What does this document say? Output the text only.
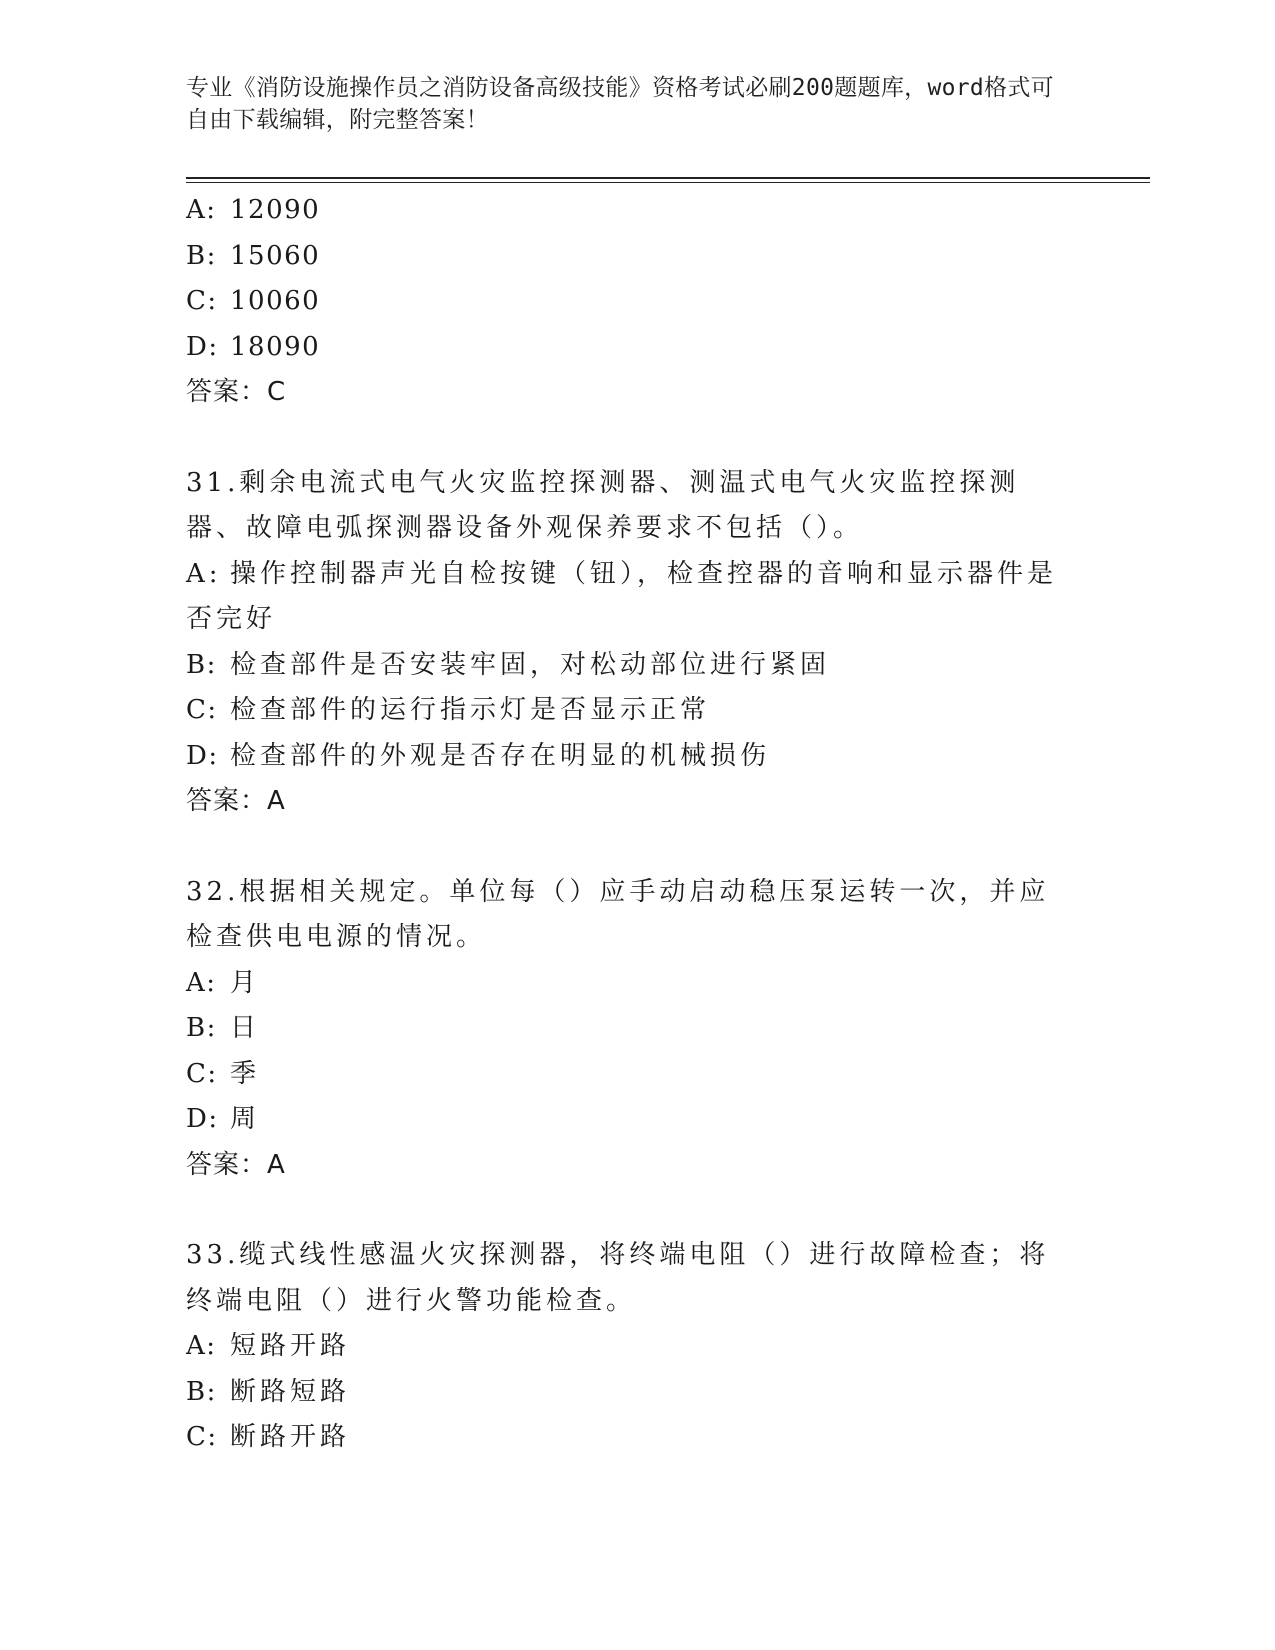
专业《消防设施操作员之消防设备高级技能》资格考试必刷200题题库，word格式可自由下载编辑，附完整答案！
A: 12090
B: 15060
C: 10060
D: 18090
答案：C
31.剩余电流式电气火灾监控探测器、测温式电气火灾监控探测器、故障电弧探测器设备外观保养要求不包括（）。
A: 操作控制器声光自检按键（钮），检查控器的音响和显示器件是否完好
B: 检查部件是否安装牢固，对松动部位进行紧固
C: 检查部件的运行指示灯是否显示正常
D: 检查部件的外观是否存在明显的机械损伤
答案：A
32.根据相关规定。单位每（）应手动启动稳压泵运转一次，并应检查供电电源的情况。
A: 月
B: 日
C: 季
D: 周
答案：A
33.缆式线性感温火灾探测器，将终端电阻（）进行故障检查；将终端电阻（）进行火警功能检查。
A: 短路开路
B: 断路短路
C: 断路开路
